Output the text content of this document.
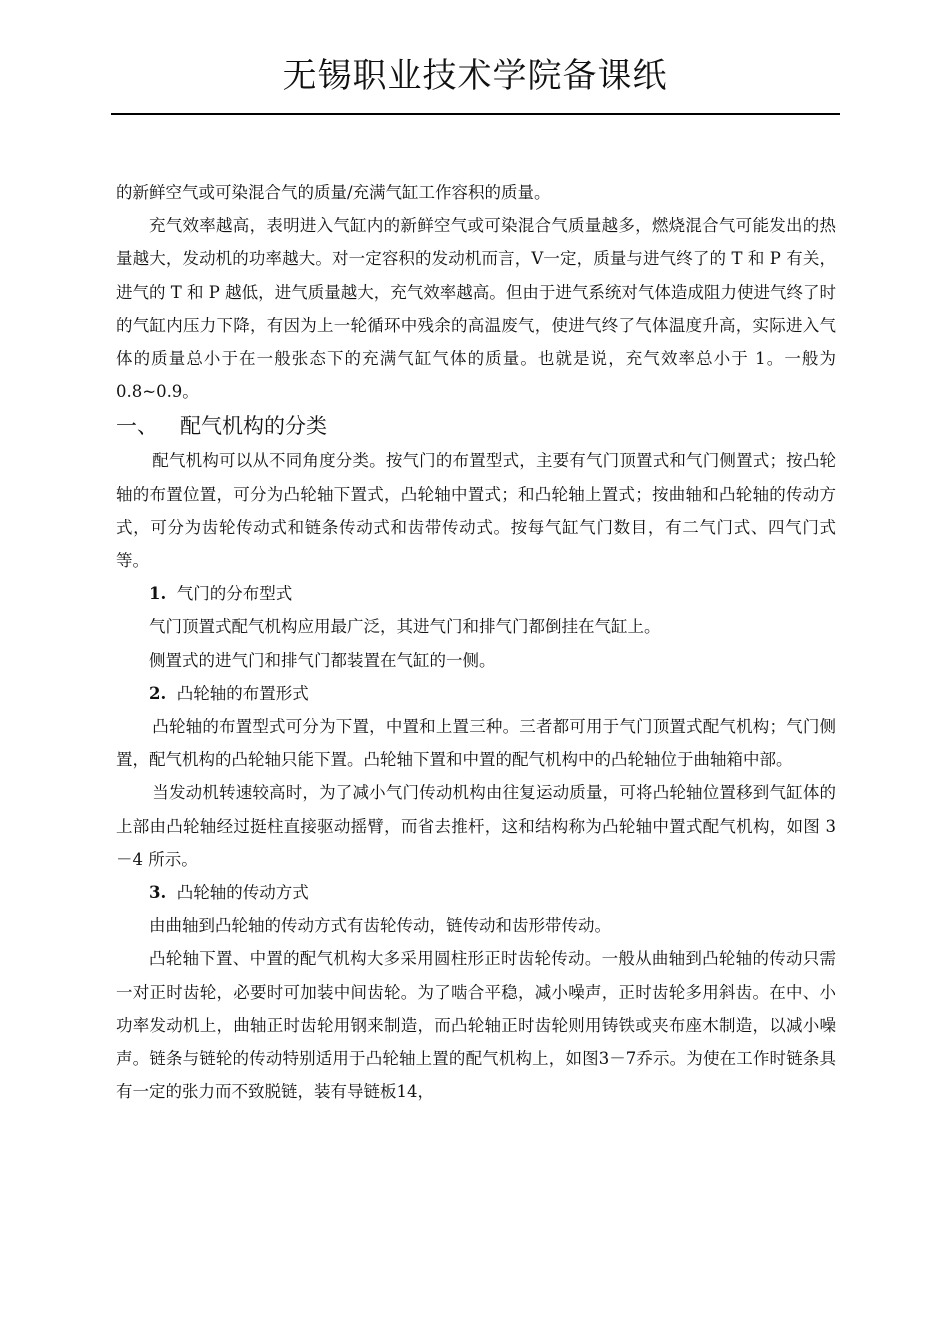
无锡职业技术学院备课纸

的新鲜空气或可染混合气的质量/充满气缸工作容积的质量。

充气效率越高，表明进入气缸内的新鲜空气或可染混合气质量越多，燃烧混合气可能发出的热量越大，发动机的功率越大。对一定容积的发动机而言，V一定，质量与进气终了的 T 和 P 有关，进气的 T 和 P 越低，进气质量越大，充气效率越高。但由于进气系统对气体造成阻力使进气终了时的气缸内压力下降，有因为上一轮循环中残余的高温废气，使进气终了气体温度升高，实际进入气体的质量总小于在一般张态下的充满气缸气体的质量。也就是说，充气效率总小于 1。一般为 0.8~0.9。

一、 配气机构的分类

配气机构可以从不同角度分类。按气门的布置型式，主要有气门顶置式和气门侧置式；按凸轮轴的布置位置，可分为凸轮轴下置式，凸轮轴中置式；和凸轮轴上置式；按曲轴和凸轮轴的传动方式，可分为齿轮传动式和链条传动式和齿带传动式。按每气缸气门数目，有二气门式、四气门式等。

1. 气门的分布型式

气门顶置式配气机构应用最广泛，其进气门和排气门都倒挂在气缸上。

侧置式的进气门和排气门都装置在气缸的一侧。

2. 凸轮轴的布置形式

凸轮轴的布置型式可分为下置，中置和上置三种。三者都可用于气门顶置式配气机构；气门侧置，配气机构的凸轮轴只能下置。凸轮轴下置和中置的配气机构中的凸轮轴位于曲轴箱中部。

当发动机转速较高时，为了减小气门传动机构由往复运动质量，可将凸轮轴位置移到气缸体的上部由凸轮轴经过挺柱直接驱动摇臂，而省去推杆，这和结构称为凸轮轴中置式配气机构，如图 3－4 所示。

3. 凸轮轴的传动方式

由曲轴到凸轮轴的传动方式有齿轮传动，链传动和齿形带传动。

凸轮轴下置、中置的配气机构大多采用圆柱形正时齿轮传动。一般从曲轴到凸轮轴的传动只需一对正时齿轮，必要时可加装中间齿轮。为了啮合平稳，减小噪声，正时齿轮多用斜齿。在中、小功率发动机上，曲轴正时齿轮用钢来制造，而凸轮轴正时齿轮则用铸铁或夹布座木制造，以减小噪声。链条与链轮的传动特别适用于凸轮轴上置的配气机构上，如图3－7乔示。为使在工作时链条具有一定的张力而不致脱链，装有导链板14，
